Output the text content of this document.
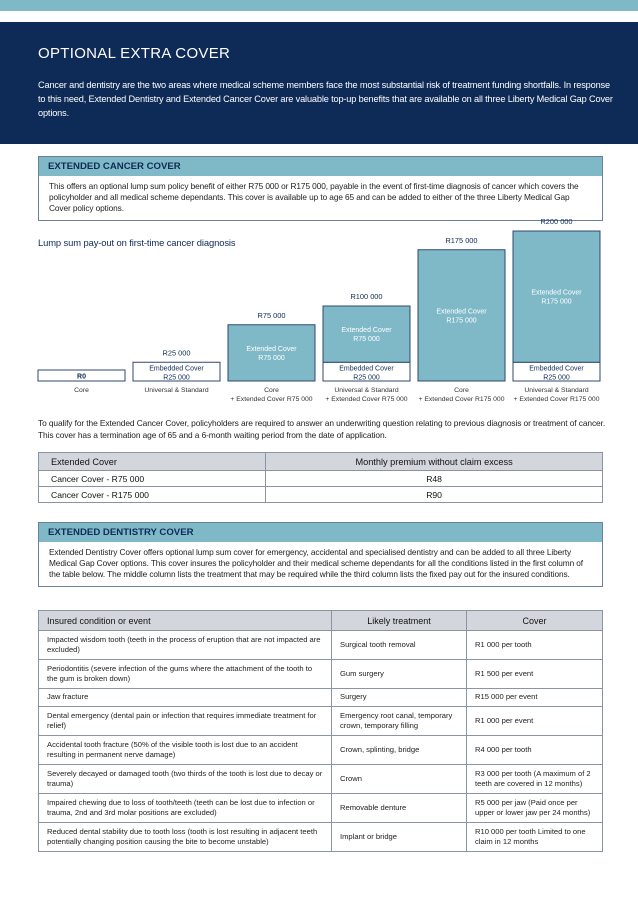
OPTIONAL EXTRA COVER
Cancer and dentistry are the two areas where medical scheme members face the most substantial risk of treatment funding shortfalls. In response to this need, Extended Dentistry and Extended Cancer Cover are valuable top-up benefits that are available on all three Liberty Medical Gap Cover options.
EXTENDED CANCER COVER
This offers an optional lump sum policy benefit of either R75 000 or R175 000, payable in the event of first-time diagnosis of cancer which covers the policyholder and all medical scheme dependants. This cover is available up to age 65 and can be added to either of the three Liberty Medical Gap Cover policy options.
Lump sum pay-out on first-time cancer diagnosis
R0
Core
Embedded Cover R25 000
R25 000
Universal & Standard
Extended Cover R75 000
R75 000
Core + Extended Cover R75 000
Embedded Cover R25 000
Extended Cover R75 000
R100 000
Universal & Standard + Extended Cover R75 000
Extended Cover R175 000
R175 000
Core + Extended Cover R175 000
Embedded Cover R25 000
Extended Cover R175 000
R200 000
Universal & Standard + Extended Cover R175 000
To qualify for the Extended Cancer Cover, policyholders are required to answer an underwriting question relating to previous diagnosis or treatment of cancer. This cover has a termination age of 65 and a 6-month waiting period from the date of application.
Extended Cover	Monthly premium without claim excess
Cancer Cover - R75 000	R48
Cancer Cover - R175 000	R90
EXTENDED DENTISTRY COVER
Extended Dentistry Cover offers optional lump sum cover for emergency, accidental and specialised dentistry and can be added to all three Liberty Medical Gap Cover options. This cover insures the policyholder and their medical scheme dependants for all the conditions listed in the first column of the table below. The middle column lists the treatment that may be required while the third column lists the fixed pay out for the insured conditions.
Insured condition or event	Likely treatment	Cover
Impacted wisdom tooth (teeth in the process of eruption that are not impacted are excluded)	Surgical tooth removal	R1 000 per tooth
Periodontitis (severe infection of the gums where the attachment of the tooth to the gum is broken down)	Gum surgery	R1 500 per event
Jaw fracture	Surgery	R15 000 per event
Dental emergency (dental pain or infection that requires immediate treatment for relief)	Emergency root canal, temporary crown, temporary filling	R1 000 per event
Accidental tooth fracture (50% of the visible tooth is lost due to an accident resulting in permanent nerve damage)	Crown, splinting, bridge	R4 000 per tooth
Severely decayed or damaged tooth (two thirds of the tooth is lost due to decay or trauma)	Crown	R3 000 per tooth (A maximum of 2 teeth are covered in 12 months)
Impaired chewing due to loss of tooth/teeth (teeth can be lost due to infection or trauma, 2nd and 3rd molar positions are excluded)	Removable denture	R5 000 per jaw (Paid once per upper or lower jaw per 24 months)
Reduced dental stability due to tooth loss (tooth is lost resulting in adjacent teeth potentially changing position causing the bite to become unstable)	Implant or bridge	R10 000 per tooth Limited to one claim in 12 months
